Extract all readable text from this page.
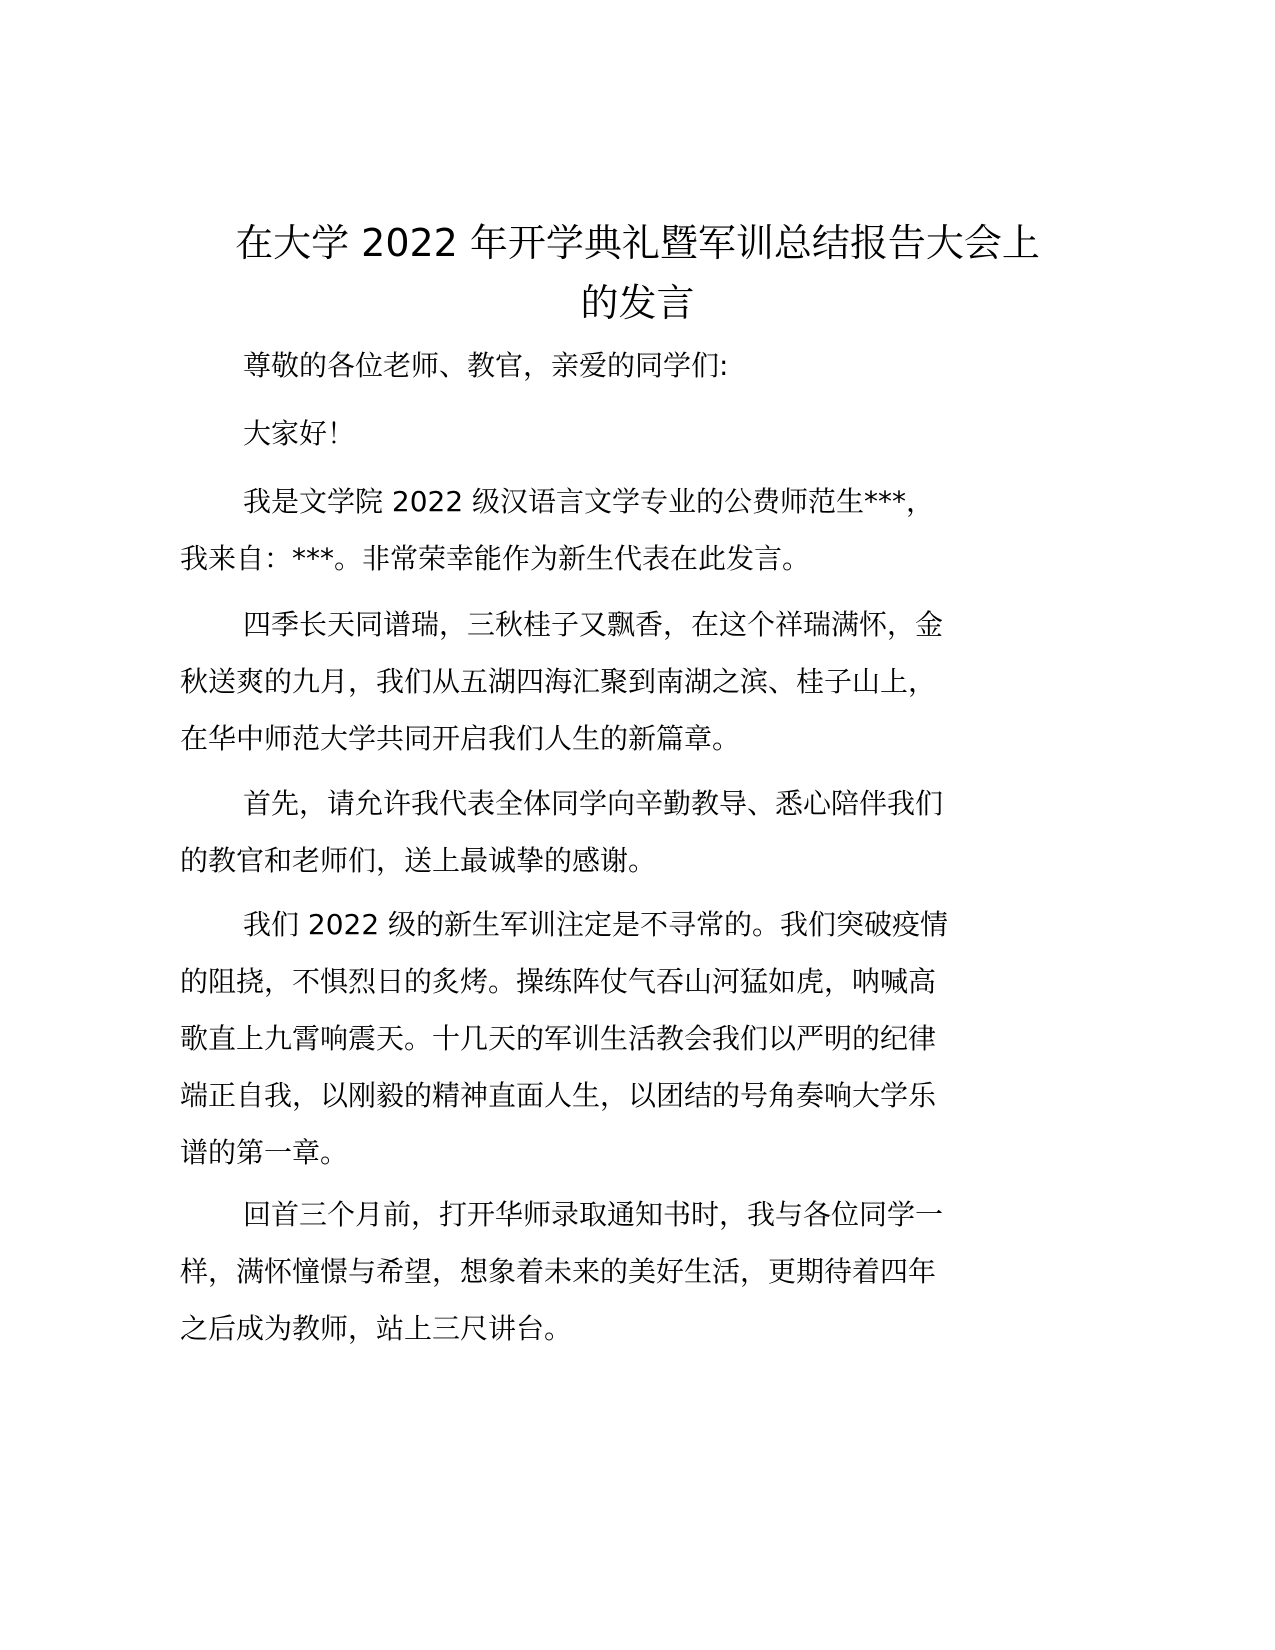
在大学 2022 年开学典礼暨军训总结报告大会上
的发言
尊敬的各位老师、教官，亲爱的同学们:
大家好！
我是文学院 2022 级汉语言文学专业的公费师范生***，
我来自：***。非常荣幸能作为新生代表在此发言。
四季长天同谱瑞，三秋桂子又飘香，在这个祥瑞满怀，金
秋送爽的九月，我们从五湖四海汇聚到南湖之滨、桂子山上，
在华中师范大学共同开启我们人生的新篇章。
首先，请允许我代表全体同学向辛勤教导、悉心陪伴我们
的教官和老师们，送上最诚挚的感谢。
我们 2022 级的新生军训注定是不寻常的。我们突破疫情
的阻挠，不惧烈日的炙烤。操练阵仗气吞山河猛如虎，呐喊高
歌直上九霄响震天。十几天的军训生活教会我们以严明的纪律
端正自我，以刚毅的精神直面人生，以团结的号角奏响大学乐
谱的第一章。
回首三个月前，打开华师录取通知书时，我与各位同学一
样，满怀憧憬与希望，想象着未来的美好生活，更期待着四年
之后成为教师，站上三尺讲台。
